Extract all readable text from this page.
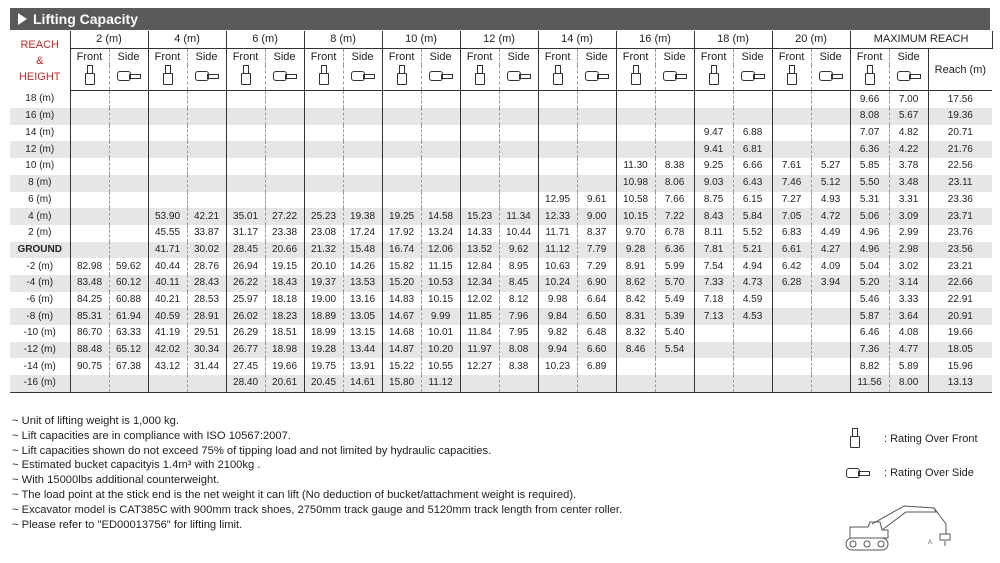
Lifting Capacity
REACH
&
HEIGHT	2 (m)		4 (m)		6 (m)		8 (m)		10 (m)		12 (m)		14 (m)		16 (m)		18 (m)		20 (m)		MAXIMUM REACH		
	Front	Side	Front	Side	Front	Side	Front	Side	Front	Side	Front	Side	Front	Side	Front	Side	Front	Side	Front	Side	Front	Side	Reach (m)

18 (m)																					9.66	7.00	17.56
16 (m)																					8.08	5.67	19.36
14 (m)																	9.47	6.88			7.07	4.82	20.71
12 (m)																	9.41	6.81			6.36	4.22	21.76
10 (m)															11.30	8.38	9.25	6.66	7.61	5.27	5.85	3.78	22.56
8 (m)															10.98	8.06	9.03	6.43	7.46	5.12	5.50	3.48	23.11
6 (m)													12.95	9.61	10.58	7.66	8.75	6.15	7.27	4.93	5.31	3.31	23.36
4 (m)			53.90	42.21	35.01	27.22	25.23	19.38	19.25	14.58	15.23	11.34	12.33	9.00	10.15	7.22	8.43	5.84	7.05	4.72	5.06	3.09	23.71
2 (m)			45.55	33.87	31.17	23.38	23.08	17.24	17.92	13.24	14.33	10.44	11.71	8.37	9.70	6.78	8.11	5.52	6.83	4.49	4.96	2.99	23.76
GROUND			41.71	30.02	28.45	20.66	21.32	15.48	16.74	12.06	13.52	9.62	11.12	7.79	9.28	6.36	7.81	5.21	6.61	4.27	4.96	2.98	23.56
-2 (m)	82.98	59.62	40.44	28.76	26.94	19.15	20.10	14.26	15.82	11.15	12.84	8.95	10.63	7.29	8.91	5.99	7.54	4.94	6.42	4.09	5.04	3.02	23.21
-4 (m)	83.48	60.12	40.11	28.43	26.22	18.43	19.37	13.53	15.20	10.53	12.34	8.45	10.24	6.90	8.62	5.70	7.33	4.73	6.28	3.94	5.20	3.14	22.66
-6 (m)	84.25	60.88	40.21	28.53	25.97	18.18	19.00	13.16	14.83	10.15	12.02	8.12	9.98	6.64	8.42	5.49	7.18	4.59			5.46	3.33	22.91
-8 (m)	85.31	61.94	40.59	28.91	26.02	18.23	18.89	13.05	14.67	9.99	11.85	7.96	9.84	6.50	8.31	5.39	7.13	4.53			5.87	3.64	20.91
-10 (m)	86.70	63.33	41.19	29.51	26.29	18.51	18.99	13.15	14.68	10.01	11.84	7.95	9.82	6.48	8.32	5.40					6.46	4.08	19.66
-12 (m)	88.48	65.12	42.02	30.34	26.77	18.98	19.28	13.44	14.87	10.20	11.97	8.08	9.94	6.60	8.46	5.54					7.36	4.77	18.05
-14 (m)	90.75	67.38	43.12	31.44	27.45	19.66	19.75	13.91	15.22	10.55	12.27	8.38	10.23	6.89							8.82	5.89	15.96
-16 (m)					28.40	20.61	20.45	14.61	15.80	11.12											11.56	8.00	13.13
~ Unit of lifting weight is 1,000 kg.
~ Lift capacities are in compliance with ISO 10567:2007.
~ Lift capacities shown do not exceed 75% of tipping load and not limited by hydraulic capacities.
~ Estimated bucket capacityis 1.4m³ with 2100kg .
~ With 15000lbs additional counterweight.
~ The load point at the stick end is the net weight it can lift (No deduction of bucket/attachment weight is required).
~ Excavator model is CAT385C with 900mm track shoes, 2750mm track gauge and 5120mm track length from center roller.
~ Please refer to "ED00013756" for lifting limit.
: Rating Over Front
: Rating Over Side
A
